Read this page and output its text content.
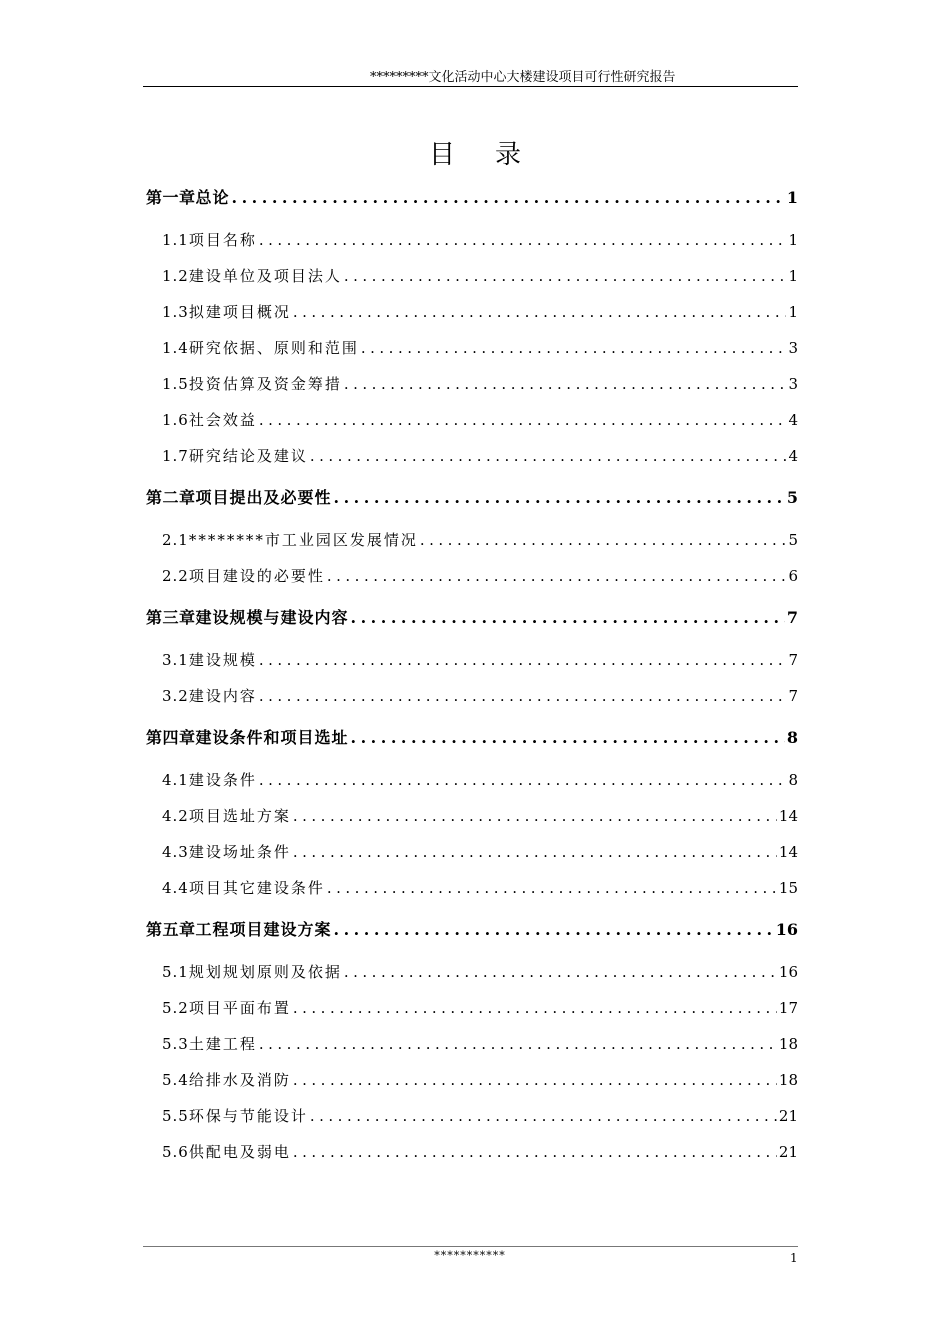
*********文化活动中心大楼建设项目可行性研究报告
目录
第一章 总论 .....	1
1.1 项目名称 .....	1
1.2 建设单位及项目法人 .....	1
1.3 拟建项目概况 .....	1
1.4 研究依据、原则和范围 .....	3
1.5 投资估算及资金筹措 .....	3
1.6 社会效益 .....	4
1.7 研究结论及建议 .....	4
第二章 项目提出及必要性 .....	5
2.1 ********市工业园区发展情况 .....	5
2.2 项目建设的必要性 .....	6
第三章 建设规模与建设内容 .....	7
3.1 建设规模 .....	7
3.2 建设内容 .....	7
第四章 建设条件和项目选址 .....	8
4.1 建设条件 .....	8
4.2 项目选址方案 .....	14
4.3 建设场址条件 .....	14
4.4 项目其它建设条件 .....	15
第五章 工程项目建设方案 .....	16
5.1 规划规划原则及依据 .....	16
5.2 项目平面布置 .....	17
5.3 土建工程 .....	18
5.4 给排水及消防 .....	18
5.5 环保与节能设计 .....	21
5.6 供配电及弱电 .....	21
***********	1
